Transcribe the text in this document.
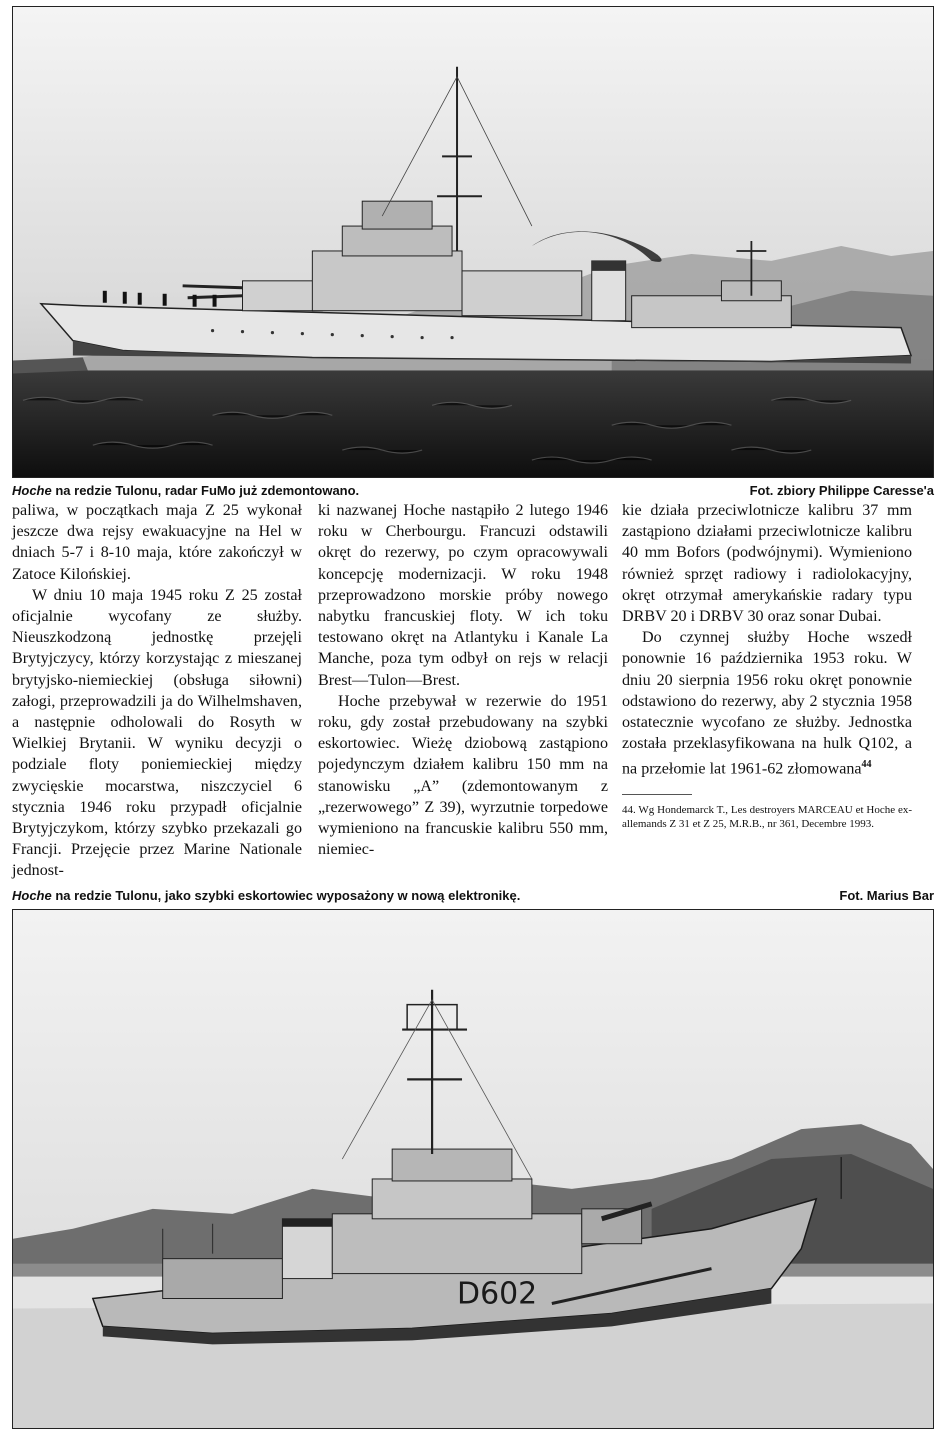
Hoche na redzie Tulonu, radar FuMo już zdemontowano.	Fot. zbiory Philippe Caresse'a

paliwa, w początkach maja Z 25 wykonał jeszcze dwa rejsy ewakuacyjne na Hel w dniach 5-7 i 8-10 maja, które zakończył w Zatoce Kilońskiej.

W dniu 10 maja 1945 roku Z 25 został oficjalnie wycofany ze służby. Nieuszkodzoną jednostkę przejęli Brytyjczycy, którzy korzystając z mieszanej brytyjsko-niemieckiej (obsługa siłowni) załogi, przeprowadzili ja do Wilhelmshaven, a następnie odholowali do Rosyth w Wielkiej Brytanii. W wyniku decyzji o podziale floty poniemieckiej między zwycięskie mocarstwa, niszczyciel 6 stycznia 1946 roku przypadł oficjalnie Brytyjczykom, którzy szybko przekazali go Francji. Przejęcie przez Marine Nationale jednost-

ki nazwanej Hoche nastąpiło 2 lutego 1946 roku w Cherbourgu. Francuzi odstawili okręt do rezerwy, po czym opracowywali koncepcję modernizacji. W roku 1948 przeprowadzono morskie próby nowego nabytku francuskiej floty. W ich toku testowano okręt na Atlantyku i Kanale La Manche, poza tym odbył on rejs w relacji Brest—Tulon—Brest.

Hoche przebywał w rezerwie do 1951 roku, gdy został przebudowany na szybki eskortowiec. Wieżę dziobową zastąpiono pojedynczym działem kalibru 150 mm na stanowisku „A” (zdemontowanym z „rezerwowego” Z 39), wyrzutnie torpedowe wymieniono na francuskie kalibru 550 mm, niemiec-

kie działa przeciwlotnicze kalibru 37 mm zastąpiono działami przeciwlotnicze kalibru 40 mm Bofors (podwójnymi). Wymieniono również sprzęt radiowy i radiolokacyjny, okręt otrzymał amerykańskie radary typu DRBV 20 i DRBV 30 oraz sonar Dubai.

Do czynnej służby Hoche wszedł ponownie 16 października 1953 roku. W dniu 20 sierpnia 1956 roku okręt ponownie odstawiono do rezerwy, aby 2 stycznia 1958 ostatecznie wycofano ze służby. Jednostka została przeklasyfikowana na hulk Q102, a na przełomie lat 1961-62 złomowana$^{44}$

44. Wg Hondemarck T., Les destroyers MARCEAU et Hoche ex-allemands Z 31 et Z 25, M.R.B., nr 361, Decembre 1993.
Hoche na redzie Tulonu, jako szybki eskortowiec wyposażony w nową elektronikę.	Fot. Marius Bar
D602
